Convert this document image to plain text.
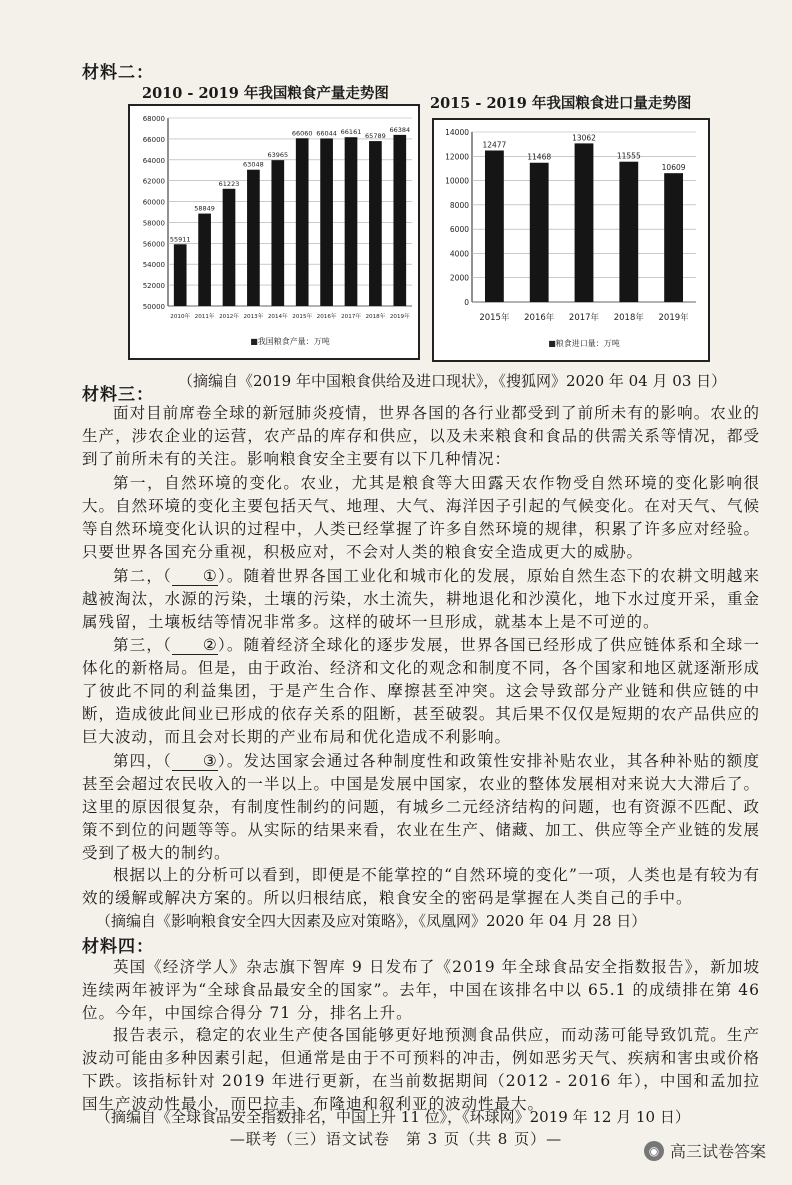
材料二：
2010 - 2019 年我国粮食产量走势图
2015 - 2019 年我国粮食进口量走势图
50000
52000
54000
56000
58000
60000
62000
64000
66000
68000
55911
2010年
58849
2011年
61223
2012年
63048
2013年
63965
2014年
66060
2015年
66044
2016年
66161
2017年
65789
2018年
66384
2019年
■我国粮食产量：万吨
0
2000
4000
6000
8000
10000
12000
14000
12477
2015年
11468
2016年
13062
2017年
11555
2018年
10609
2019年
■粮食进口量：万吨
（摘编自《2019 年中国粮食供给及进口现状》，《搜狐网》2020 年 04 月 03 日）
材料三：
面对目前席卷全球的新冠肺炎疫情，世界各国的各行业都受到了前所未有的影响。农业的生产，涉农企业的运营，农产品的库存和供应，以及未来粮食和食品的供需关系等情况，都受到了前所未有的关注。影响粮食安全主要有以下几种情况：
第一，自然环境的变化。农业，尤其是粮食等大田露天农作物受自然环境的变化影响很大。自然环境的变化主要包括天气、地理、大气、海洋因子引起的气候变化。在对天气、气候等自然环境变化认识的过程中，人类已经掌握了许多自然环境的规律，积累了许多应对经验。只要世界各国充分重视，积极应对，不会对人类的粮食安全造成更大的威胁。
第二，（ ①）。随着世界各国工业化和城市化的发展，原始自然生态下的农耕文明越来越被淘汰，水源的污染，土壤的污染，水土流失，耕地退化和沙漠化，地下水过度开采，重金属残留，土壤板结等情况非常多。这样的破坏一旦形成，就基本上是不可逆的。
第三，（ ②）。随着经济全球化的逐步发展，世界各国已经形成了供应链体系和全球一体化的新格局。但是，由于政治、经济和文化的观念和制度不同，各个国家和地区就逐渐形成了彼此不同的利益集团，于是产生合作、摩擦甚至冲突。这会导致部分产业链和供应链的中断，造成彼此间业已形成的依存关系的阻断，甚至破裂。其后果不仅仅是短期的农产品供应的巨大波动，而且会对长期的产业布局和优化造成不利影响。
第四，（ ③）。发达国家会通过各种制度性和政策性安排补贴农业，其各种补贴的额度甚至会超过农民收入的一半以上。中国是发展中国家，农业的整体发展相对来说大大滞后了。这里的原因很复杂，有制度性制约的问题，有城乡二元经济结构的问题，也有资源不匹配、政策不到位的问题等等。从实际的结果来看，农业在生产、储藏、加工、供应等全产业链的发展受到了极大的制约。
根据以上的分析可以看到，即便是不能掌控的“自然环境的变化”一项，人类也是有较为有效的缓解或解决方案的。所以归根结底，粮食安全的密码是掌握在人类自己的手中。
（摘编自《影响粮食安全四大因素及应对策略》，《凤凰网》2020 年 04 月 28 日）
材料四：
英国《经济学人》杂志旗下智库 9 日发布了《2019 年全球食品安全指数报告》，新加坡连续两年被评为“全球食品最安全的国家”。去年，中国在该排名中以 65.1 的成绩排在第 46 位。今年，中国综合得分 71 分，排名上升。
报告表示，稳定的农业生产使各国能够更好地预测食品供应，而动荡可能导致饥荒。生产波动可能由多种因素引起，但通常是由于不可预料的冲击，例如恶劣天气、疾病和害虫或价格下跌。该指标针对 2019 年进行更新，在当前数据期间（2012 - 2016 年），中国和孟加拉国生产波动性最小，而巴拉圭、布隆迪和叙利亚的波动性最大。
（摘编自《全球食品安全指数排名，中国上升 11 位》，《环球网》2019 年 12 月 10 日）
—联考（三）语文试卷　第 3 页（共 8 页）—
◉ 高三试卷答案
